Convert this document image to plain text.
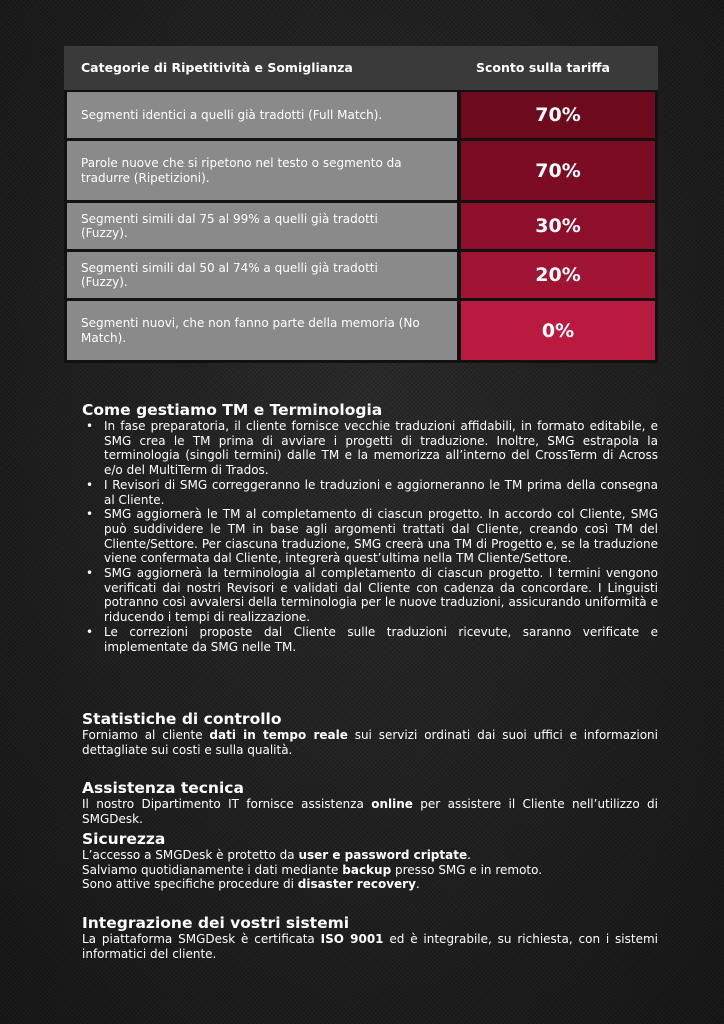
Categorie di Ripetitività e Somiglianza	Sconto sulla tariffa
Segmenti identici a quelli già tradotti (Full Match).	70%
Parole nuove che si ripetono nel testo o segmento da tradurre (Ripetizioni).	70%
Segmenti simili dal 75 al 99% a quelli già tradotti (Fuzzy).	30%
Segmenti simili dal 50 al 74% a quelli già tradotti (Fuzzy).	20%
Segmenti nuovi, che non fanno parte della memoria (No Match).	0%
Come gestiamo TM e Terminologia
• In fase preparatoria, il cliente fornisce vecchie traduzioni affidabili, in formato editabile, e SMG crea le TM prima di avviare i progetti di traduzione. Inoltre, SMG estrapola la terminologia (singoli termini) dalle TM e la memorizza all’interno del CrossTerm di Across e/o del MultiTerm di Trados.
• I Revisori di SMG correggeranno le traduzioni e aggiorneranno le TM prima della consegna al Cliente.
• SMG aggiornerà le TM al completamento di ciascun progetto. In accordo col Cliente, SMG può suddividere le TM in base agli argomenti trattati dal Cliente, creando così TM del Cliente/Settore. Per ciascuna traduzione, SMG creerà una TM di Progetto e, se la traduzione viene confermata dal Cliente, integrerà quest’ultima nella TM Cliente/Settore.
• SMG aggiornerà la terminologia al completamento di ciascun progetto. I termini vengono verificati dai nostri Revisori e validati dal Cliente con cadenza da concordare. I Linguisti potranno così avvalersi della terminologia per le nuove traduzioni, assicurando uniformità e riducendo i tempi di realizzazione.
• Le correzioni proposte dal Cliente sulle traduzioni ricevute, saranno verificate e implementate da SMG nelle TM.
Statistiche di controllo

Forniamo al cliente dati in tempo reale sui servizi ordinati dai suoi uffici e informazioni dettagliate sui costi e sulla qualità.

Assistenza tecnica

Il nostro Dipartimento IT fornisce assistenza online per assistere il Cliente nell’utilizzo di SMGDesk.

Sicurezza

L’accesso a SMGDesk è protetto da user e password criptate.

Salviamo quotidianamente i dati mediante backup presso SMG e in remoto.

Sono attive specifiche procedure di disaster recovery.

Integrazione dei vostri sistemi

La piattaforma SMGDesk è certificata ISO 9001 ed è integrabile, su richiesta, con i sistemi informatici del cliente.
